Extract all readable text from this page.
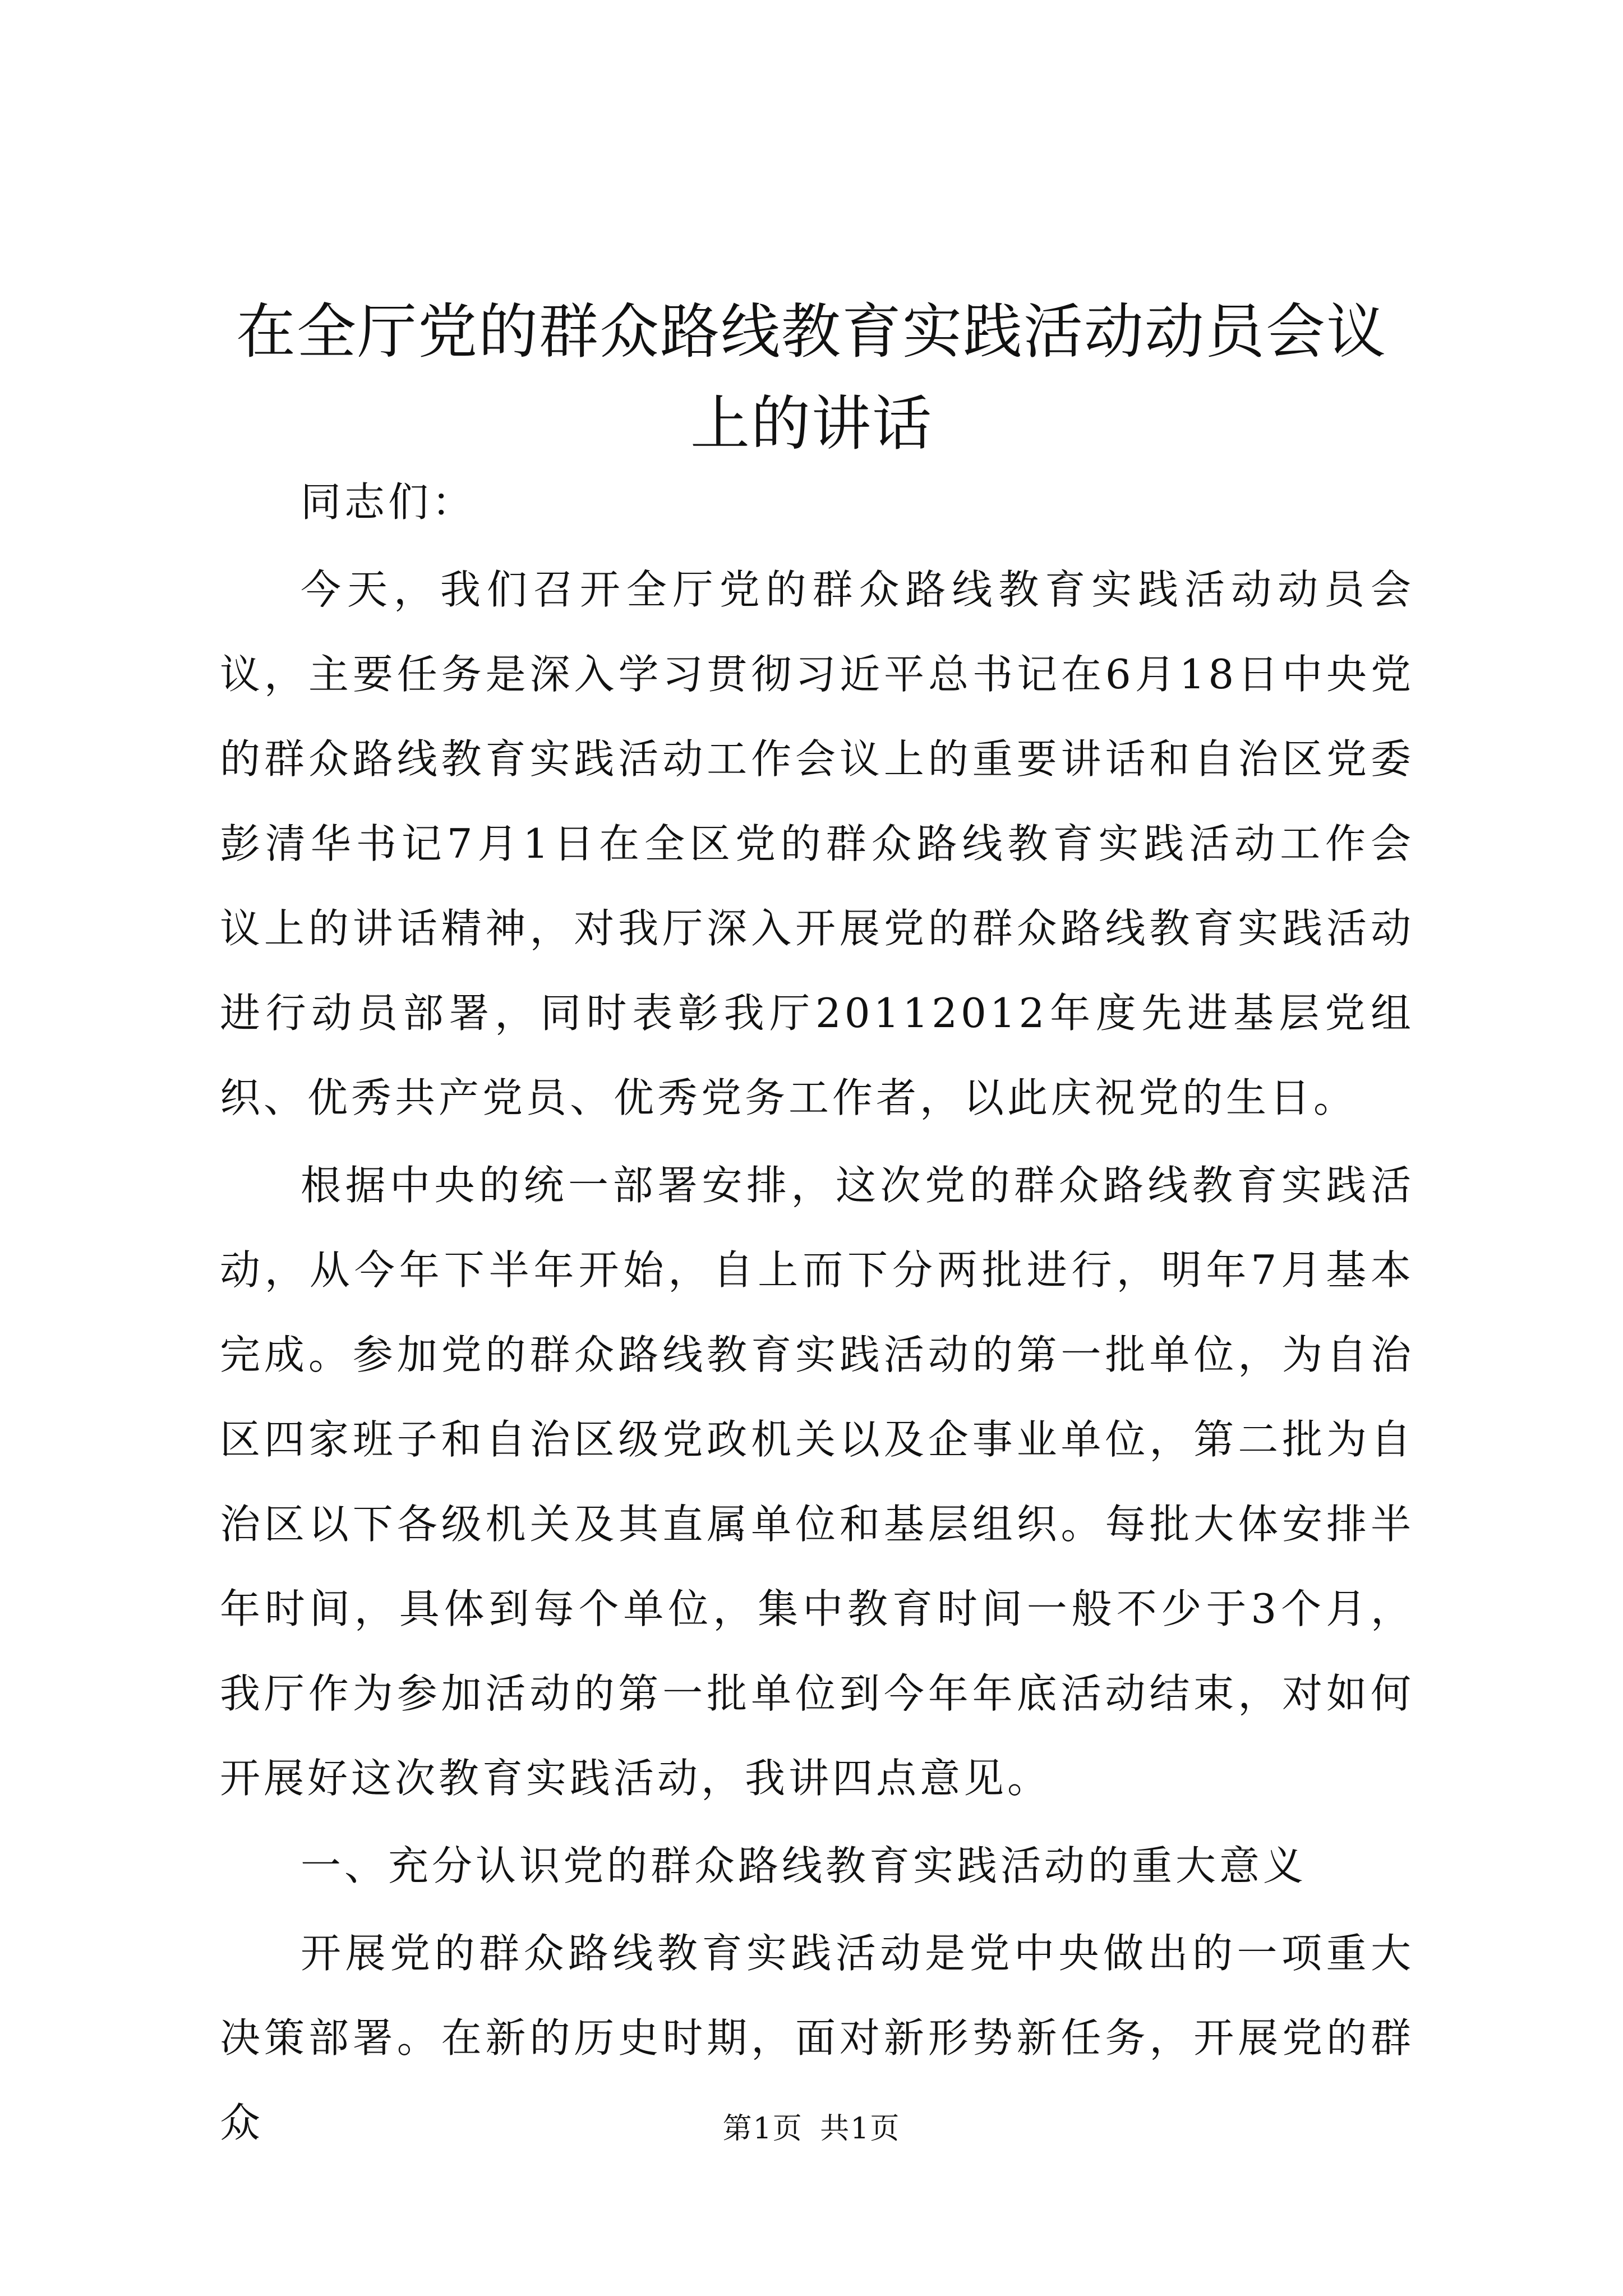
在全厅党的群众路线教育实践活动动员会议上的讲话

同志们：

今天，我们召开全厅党的群众路线教育实践活动动员会议，主要任务是深入学习贯彻习近平总书记在6月18日中央党的群众路线教育实践活动工作会议上的重要讲话和自治区党委彭清华书记7月1日在全区党的群众路线教育实践活动工作会议上的讲话精神，对我厅深入开展党的群众路线教育实践活动进行动员部署，同时表彰我厅20112012年度先进基层党组织、优秀共产党员、优秀党务工作者，以此庆祝党的生日。

根据中央的统一部署安排，这次党的群众路线教育实践活动，从今年下半年开始，自上而下分两批进行，明年7月基本完成。参加党的群众路线教育实践活动的第一批单位，为自治区四家班子和自治区级党政机关以及企事业单位，第二批为自治区以下各级机关及其直属单位和基层组织。每批大体安排半年时间，具体到每个单位，集中教育时间一般不少于3个月，我厅作为参加活动的第一批单位到今年年底活动结束，对如何开展好这次教育实践活动，我讲四点意见。

一、充分认识党的群众路线教育实践活动的重大意义

开展党的群众路线教育实践活动是党中央做出的一项重大决策部署。在新的历史时期，面对新形势新任务，开展党的群众	第1页 共1页
